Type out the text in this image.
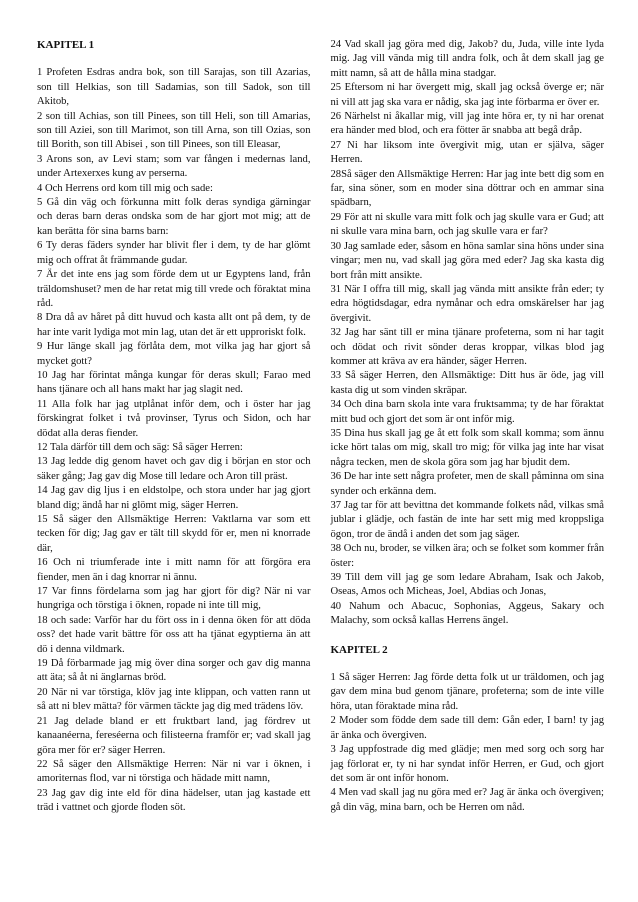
KAPITEL 1

1 Profeten Esdras andra bok, son till Sarajas, son till Azarias, son till Helkias, son till Sadamias, son till Sadok, son till Akitob,

2 son till Achias, son till Pinees, son till Heli, son till Amarias, son till Aziei, son till Marimot, son till Arna, son till Ozias, son till Borith, son till Abisei , son till Pinees, son till Eleasar,

3 Arons son, av Levi stam; som var fången i medernas land, under Artexerxes kung av perserna.

4 Och Herrens ord kom till mig och sade:

5 Gå din väg och förkunna mitt folk deras syndiga gärningar och deras barn deras ondska som de har gjort mot mig; att de kan berätta för sina barns barn:

6 Ty deras fäders synder har blivit fler i dem, ty de har glömt mig och offrat åt främmande gudar.

7 Är det inte ens jag som förde dem ut ur Egyptens land, från träldomshuset? men de har retat mig till vrede och föraktat mina råd.

8 Dra då av håret på ditt huvud och kasta allt ont på dem, ty de har inte varit lydiga mot min lag, utan det är ett upproriskt folk.

9 Hur länge skall jag förlåta dem, mot vilka jag har gjort så mycket gott?

10 Jag har förintat många kungar för deras skull; Farao med hans tjänare och all hans makt har jag slagit ned.

11 Alla folk har jag utplånat inför dem, och i öster har jag förskingrat folket i två provinser, Tyrus och Sidon, och har dödat alla deras fiender.

12 Tala därför till dem och säg: Så säger Herren:

13 Jag ledde dig genom havet och gav dig i början en stor och säker gång; Jag gav dig Mose till ledare och Aron till präst.

14 Jag gav dig ljus i en eldstolpe, och stora under har jag gjort bland dig; ändå har ni glömt mig, säger Herren.

15 Så säger den Allsmäktige Herren: Vaktlarna var som ett tecken för dig; Jag gav er tält till skydd för er, men ni knorrade där,

16 Och ni triumferade inte i mitt namn för att förgöra era fiender, men än i dag knorrar ni ännu.

17 Var finns fördelarna som jag har gjort för dig? När ni var hungriga och törstiga i öknen, ropade ni inte till mig,

18 och sade: Varför har du fört oss in i denna öken för att döda oss? det hade varit bättre för oss att ha tjänat egyptierna än att dö i denna vildmark.

19 Då förbarmade jag mig över dina sorger och gav dig manna att äta; så åt ni änglarnas bröd.

20 När ni var törstiga, klöv jag inte klippan, och vatten rann ut så att ni blev mätta? för värmen täckte jag dig med trädens löv.

21 Jag delade bland er ett fruktbart land, jag fördrev ut kanaanéerna, fereséerna och filisteerna framför er; vad skall jag göra mer för er? säger Herren.

22 Så säger den Allsmäktige Herren: När ni var i öknen, i amoriternas flod, var ni törstiga och hädade mitt namn,

23 Jag gav dig inte eld för dina hädelser, utan jag kastade ett träd i vattnet och gjorde floden söt.

24 Vad skall jag göra med dig, Jakob? du, Juda, ville inte lyda mig. Jag vill vända mig till andra folk, och åt dem skall jag ge mitt namn, så att de hålla mina stadgar.

25 Eftersom ni har övergett mig, skall jag också överge er; när ni vill att jag ska vara er nådig, ska jag inte förbarma er över er.

26 Närhelst ni åkallar mig, vill jag inte höra er, ty ni har orenat era händer med blod, och era fötter är snabba att begå dråp.

27 Ni har liksom inte övergivit mig, utan er själva, säger Herren.

28Så säger den Allsmäktige Herren: Har jag inte bett dig som en far, sina söner, som en moder sina döttrar och en ammar sina spädbarn,

29 För att ni skulle vara mitt folk och jag skulle vara er Gud; att ni skulle vara mina barn, och jag skulle vara er far?

30 Jag samlade eder, såsom en höna samlar sina höns under sina vingar; men nu, vad skall jag göra med eder? Jag ska kasta dig bort från mitt ansikte.

31 När I offra till mig, skall jag vända mitt ansikte från eder; ty edra högtidsdagar, edra nymånar och edra omskärelser har jag övergivit.

32 Jag har sänt till er mina tjänare profeterna, som ni har tagit och dödat och rivit sönder deras kroppar, vilkas blod jag kommer att kräva av era händer, säger Herren.

33 Så säger Herren, den Allsmäktige: Ditt hus är öde, jag vill kasta dig ut som vinden skräpar.

34 Och dina barn skola inte vara fruktsamma; ty de har föraktat mitt bud och gjort det som är ont inför mig.

35 Dina hus skall jag ge åt ett folk som skall komma; som ännu icke hört talas om mig, skall tro mig; för vilka jag inte har visat några tecken, men de skola göra som jag har bjudit dem.

36 De har inte sett några profeter, men de skall påminna om sina synder och erkänna dem.

37 Jag tar för att bevittna det kommande folkets nåd, vilkas små jublar i glädje, och fastän de inte har sett mig med kroppsliga ögon, tror de ändå i anden det som jag säger.

38 Och nu, broder, se vilken ära; och se folket som kommer från öster:

39 Till dem vill jag ge som ledare Abraham, Isak och Jakob, Oseas, Amos och Micheas, Joel, Abdias och Jonas,

40 Nahum och Abacuc, Sophonias, Aggeus, Sakary och Malachy, som också kallas Herrens ängel.

KAPITEL 2

1 Så säger Herren: Jag förde detta folk ut ur träldomen, och jag gav dem mina bud genom tjänare, profeterna; som de inte ville höra, utan föraktade mina råd.

2 Moder som födde dem sade till dem: Gån eder, I barn! ty jag är änka och övergiven.

3 Jag uppfostrade dig med glädje; men med sorg och sorg har jag förlorat er, ty ni har syndat inför Herren, er Gud, och gjort det som är ont inför honom.

4 Men vad skall jag nu göra med er? Jag är änka och övergiven; gå din väg, mina barn, och be Herren om nåd.
